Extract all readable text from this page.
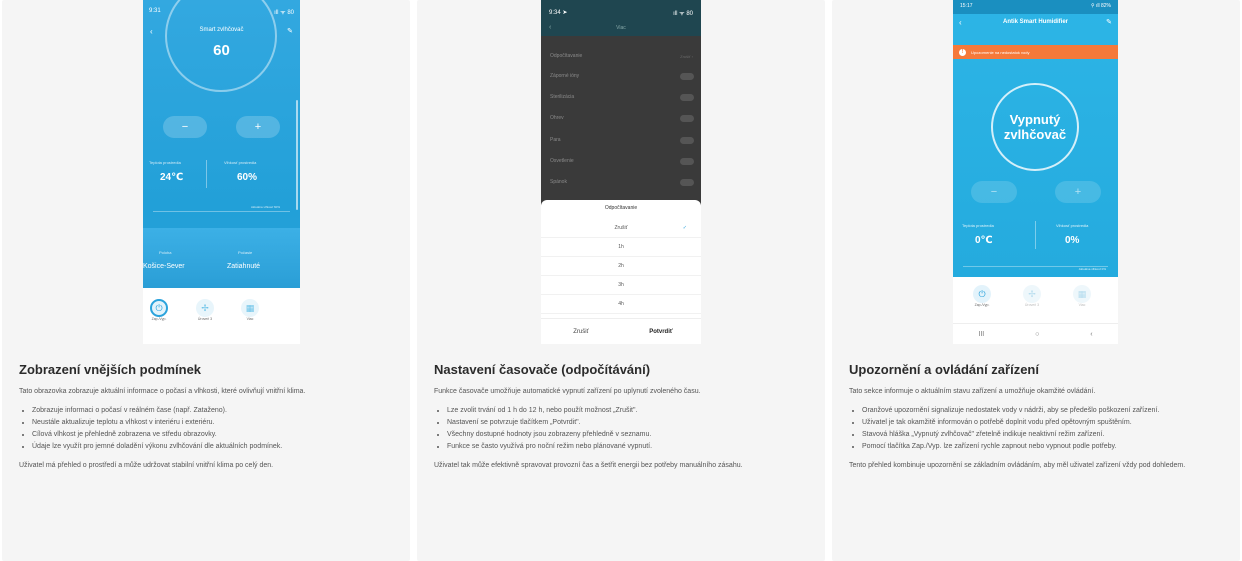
9:31	ıll ᯤ 80
‹	Smart zvlhčovač	✎
60
−	+
Teplota prostredia
24℃
Vlhkosť prostredia
60%
Aktuálna vlhkosť 60%
Poloha
Košice-Sever
Počasie
Zatiahnuté
⏻
Zap./Vyp.
✢
Úroveň 3
▦
Viac
Zobrazení vnějších podmínek

Tato obrazovka zobrazuje aktuální informace o počasí a vlhkosti, které ovlivňují vnitřní klima.

• Zobrazuje informaci o počasí v reálném čase (např. Zataženo).
• Neustále aktualizuje teplotu a vlhkost v interiéru i exteriéru.
• Cílová vlhkost je přehledně zobrazena ve středu obrazovky.
• Údaje lze využít pro jemné doladění výkonu zvlhčování dle aktuálních podmínek.

Uživatel má přehled o prostředí a může udržovat stabilní vnitřní klima po celý den.

9:34 ➤	ıll ᯤ 80
‹	Viac
Odpočítavanie	Zrušiť ›
Záporné ióny
Sterilizácia
Ohrev
Para
Osvetlenie
Spánok
Odpočítavanie
Zrušiť	✓
1h
2h
3h
4h
Zrušiť	Potvrdiť
Nastavení časovače (odpočítávání)

Funkce časovače umožňuje automatické vypnutí zařízení po uplynutí zvoleného času.

• Lze zvolit trvání od 1 h do 12 h, nebo použít možnost „Zrušit".
• Nastavení se potvrzuje tlačítkem „Potvrdit".
• Všechny dostupné hodnoty jsou zobrazeny přehledně v seznamu.
• Funkce se často využívá pro noční režim nebo plánované vypnutí.

Uživatel tak může efektivně spravovat provozní čas a šetřit energii bez potřeby manuálního zásahu.

15:17	⚲ ıll 82%
‹	Antik Smart Humidifier	✎
!	Upozornenie na nedostatok vody
Vypnutý
zvlhčovač
−	+
Teplota prostredia
0℃
Vlhkosť prostredia
0%
Aktuálna vlhkosť 0%
⏻
Zap./Vyp.
✢
Úroveň 3
▦
Viac
III	○	‹
Upozornění a ovládání zařízení

Tato sekce informuje o aktuálním stavu zařízení a umožňuje okamžité ovládání.

• Oranžové upozornění signalizuje nedostatek vody v nádrži, aby se předešlo poškození zařízení.
• Uživatel je tak okamžitě informován o potřebě doplnit vodu před opětovným spuštěním.
• Stavová hláška „Vypnutý zvlhčovač" zřetelně indikuje neaktivní režim zařízení.
• Pomocí tlačítka Zap./Vyp. lze zařízení rychle zapnout nebo vypnout podle potřeby.

Tento přehled kombinuje upozornění se základním ovládáním, aby měl uživatel zařízení vždy pod dohledem.
